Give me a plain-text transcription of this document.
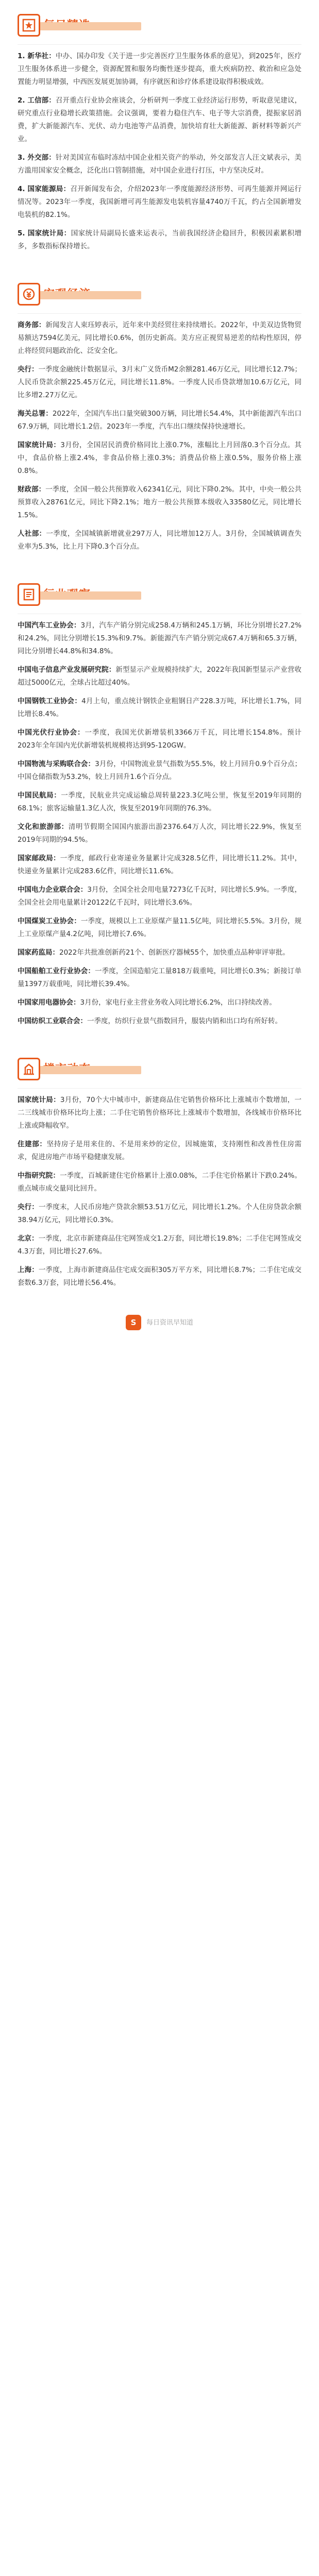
1. 新华社：中办、国办印发《关于进一步完善医疗卫生服务体系的意见》，到2025年，医疗卫生服务体系进一步健全，资源配置和服务均衡性逐步提高，重大疾病防控、救治和应急处置能力明显增强，中西医发展更加协调，有序就医和诊疗体系建设取得积极成效。
2. 工信部：召开重点行业协会座谈会，分析研判一季度工业经济运行形势，听取意见建议，研究重点行业稳增长政策措施。会议强调，要着力稳住汽车、电子等大宗消费，提振家居消费，扩大新能源汽车、光伏、动力电池等产品消费，加快培育壮大新能源、新材料等新兴产业。
3. 外交部：针对美国宣布临时冻结中国企业相关资产的举动，外交部发言人汪文斌表示，美方滥用国家安全概念，泛化出口管制措施，对中国企业进行打压，中方坚决反对。
4. 国家能源局：召开新闻发布会，介绍2023年一季度能源经济形势、可再生能源并网运行情况等。2023年一季度，我国新增可再生能源发电装机容量4740万千瓦，约占全国新增发电装机的82.1%。
5. 国家统计局：国家统计局副局长盛来运表示，当前我国经济企稳回升，积极因素累积增多，多数指标保持增长。
商务部：新闻发言人束珏婷表示，近年来中美经贸往来持续增长。2022年，中美双边货物贸易额达7594亿美元，同比增长0.6%，创历史新高。美方应正视贸易逆差的结构性原因，停止将经贸问题政治化、泛安全化。
央行：一季度金融统计数据显示，3月末广义货币M2余额281.46万亿元，同比增长12.7%；人民币贷款余额225.45万亿元，同比增长11.8%。一季度人民币贷款增加10.6万亿元，同比多增2.27万亿元。
海关总署：2022年，全国汽车出口量突破300万辆，同比增长54.4%，其中新能源汽车出口67.9万辆，同比增长1.2倍。2023年一季度，汽车出口继续保持快速增长。
国家统计局：3月份，全国居民消费价格同比上涨0.7%，涨幅比上月回落0.3个百分点。其中，食品价格上涨2.4%，非食品价格上涨0.3%；消费品价格上涨0.5%，服务价格上涨0.8%。
财政部：一季度，全国一般公共预算收入62341亿元，同比下降0.2%。其中，中央一般公共预算收入28761亿元，同比下降2.1%；地方一般公共预算本级收入33580亿元，同比增长1.5%。
人社部：一季度，全国城镇新增就业297万人，同比增加12万人。3月份，全国城镇调查失业率为5.3%，比上月下降0.3个百分点。
中国汽车工业协会：3月，汽车产销分别完成258.4万辆和245.1万辆，环比分别增长27.2%和24.2%，同比分别增长15.3%和9.7%。新能源汽车产销分别完成67.4万辆和65.3万辆，同比分别增长44.8%和34.8%。
中国电子信息产业发展研究院：新型显示产业规模持续扩大，2022年我国新型显示产业营收超过5000亿元，全球占比超过40%。
中国钢铁工业协会：4月上旬，重点统计钢铁企业粗钢日产228.3万吨，环比增长1.7%，同比增长8.4%。
中国光伏行业协会：一季度，我国光伏新增装机3366万千瓦，同比增长154.8%。预计2023年全年国内光伏新增装机规模将达到95-120GW。
中国物流与采购联合会：3月份，中国物流业景气指数为55.5%，较上月回升0.9个百分点；中国仓储指数为53.2%，较上月回升1.6个百分点。
中国民航局：一季度，民航业共完成运输总周转量223.3亿吨公里，恢复至2019年同期的68.1%；旅客运输量1.3亿人次，恢复至2019年同期的76.3%。
文化和旅游部：清明节假期全国国内旅游出游2376.64万人次，同比增长22.9%，恢复至2019年同期的94.5%。
国家邮政局：一季度，邮政行业寄递业务量累计完成328.5亿件，同比增长11.2%。其中，快递业务量累计完成283.6亿件，同比增长11.6%。
中国电力企业联合会：3月份，全国全社会用电量7273亿千瓦时，同比增长5.9%。一季度，全国全社会用电量累计20122亿千瓦时，同比增长3.6%。
中国煤炭工业协会：一季度，规模以上工业原煤产量11.5亿吨，同比增长5.5%。3月份，规上工业原煤产量4.2亿吨，同比增长7.6%。
国家药监局：2022年共批准创新药21个、创新医疗器械55个，加快重点品种审评审批。
中国船舶工业行业协会：一季度，全国造船完工量818万载重吨，同比增长0.3%；新接订单量1397万载重吨，同比增长39.4%。
中国家用电器协会：3月份，家电行业主营业务收入同比增长6.2%，出口持续改善。
中国纺织工业联合会：一季度，纺织行业景气指数回升，服装内销和出口均有所好转。
国家统计局：3月份，70个大中城市中，新建商品住宅销售价格环比上涨城市个数增加，一二三线城市价格环比均上涨；二手住宅销售价格环比上涨城市个数增加，各线城市价格环比上涨或降幅收窄。
住建部：坚持房子是用来住的、不是用来炒的定位，因城施策，支持刚性和改善性住房需求，促进房地产市场平稳健康发展。
中指研究院：一季度，百城新建住宅价格累计上涨0.08%，二手住宅价格累计下跌0.24%。重点城市成交量同比回升。
央行：一季度末，人民币房地产贷款余额53.51万亿元，同比增长1.2%。个人住房贷款余额38.94万亿元，同比增长0.3%。
北京：一季度，北京市新建商品住宅网签成交1.2万套，同比增长19.8%；二手住宅网签成交4.3万套，同比增长27.6%。
上海：一季度，上海市新建商品住宅成交面积305万平方米，同比增长8.7%；二手住宅成交套数6.3万套，同比增长56.4%。
S	每日资讯早知道
